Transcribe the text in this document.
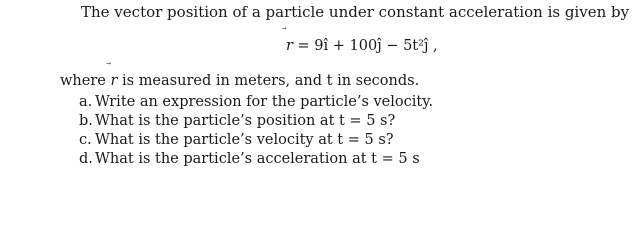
The vector position of a particle under constant acceleration is given by
r
= 9î + 100ĵ − 5t²ĵ ,
where r
is measured in meters, and t in seconds.
a. Write an expression for the particle’s velocity.
b. What is the particle’s position at t = 5 s?
c. What is the particle’s velocity at t = 5 s?
d. What is the particle’s acceleration at t = 5 s
